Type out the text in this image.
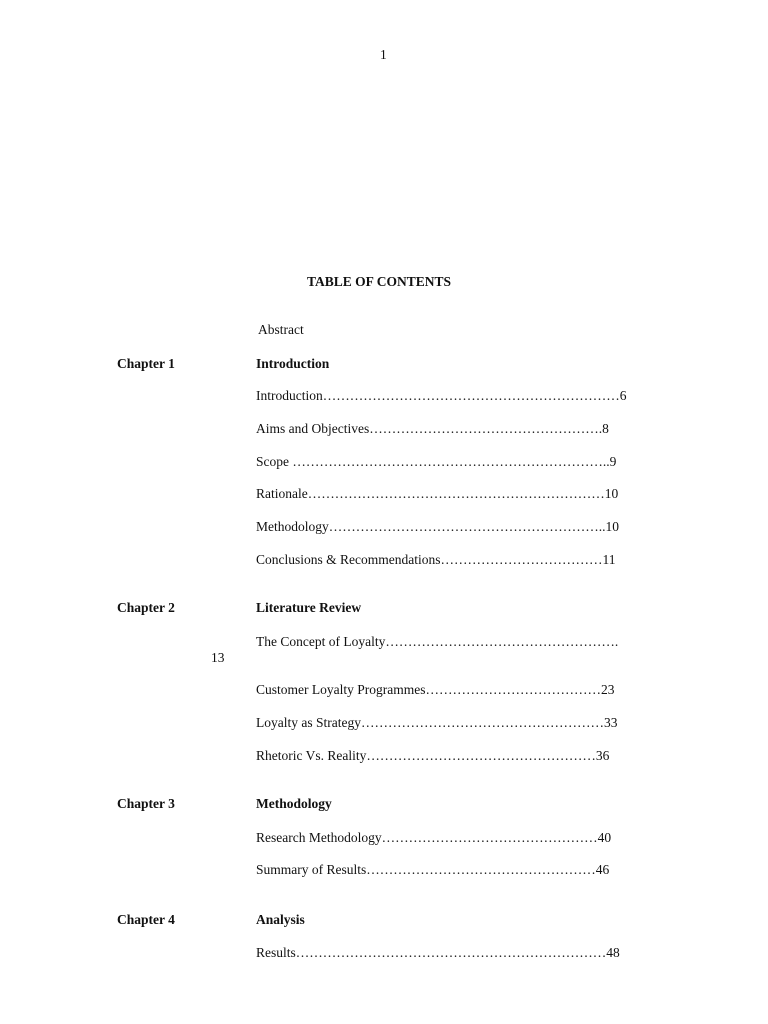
1
TABLE OF CONTENTS
Abstract
Chapter 1	Introduction
Introduction…………………………………………………………6
Aims and Objectives…………………………………………….8
Scope ……………………………………………………………..9
Rationale…………………………………………………………10
Methodology……………………………………………………..10
Conclusions & Recommendations………………………………11
Chapter 2	Literature Review
The Concept of Loyalty…………………………………………….
13
Customer Loyalty Programmes…………………………………23
Loyalty as Strategy………………………………………………33
Rhetoric Vs. Reality……………………………………………36
Chapter 3	Methodology
Research Methodology…………………………………………40
Summary of Results……………………………………………46
Chapter 4	Analysis
Results……………………………………………………………48
